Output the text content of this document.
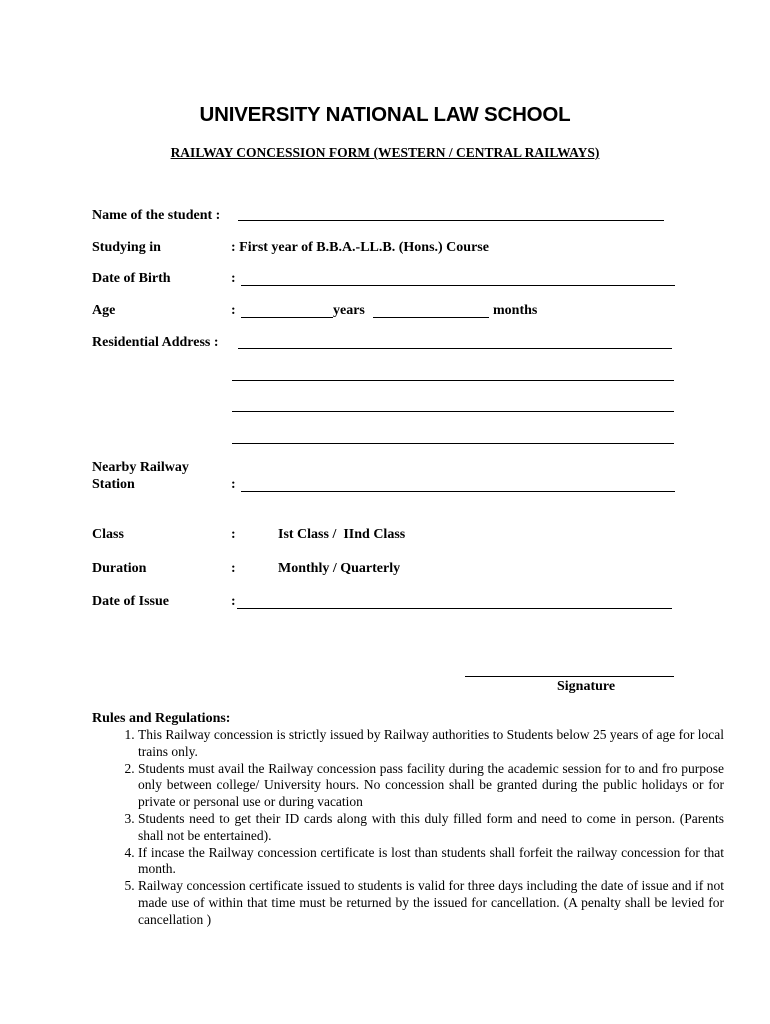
UNIVERSITY NATIONAL LAW SCHOOL
RAILWAY CONCESSION FORM (WESTERN / CENTRAL RAILWAYS)
Name of the student :
Studying in	: First year of B.B.A.-LL.B. (Hons.) Course
Date of Birth	:
Age	:	years	months
Residential Address :
Nearby Railway
Station	:
Class	:	Ist Class /  IInd Class
Duration	:	Monthly / Quarterly
Date of Issue	:
Signature
Rules and Regulations:
1. This Railway concession is strictly issued by Railway authorities to Students below 25 years of age for local trains only.
2. Students must avail the Railway concession pass facility during the academic session for to and fro purpose only between college/ University hours. No concession shall be granted during the public holidays or for private or personal use or during vacation
3. Students need to get their ID cards along with this duly filled form and need to come in person. (Parents shall not be entertained).
4. If incase the Railway concession certificate is lost than students shall forfeit the railway concession for that month.
5. Railway concession certificate issued to students is valid for three days including the date of issue and if not made use of within that time must be returned by the issued for cancellation. (A penalty shall be levied for cancellation )
